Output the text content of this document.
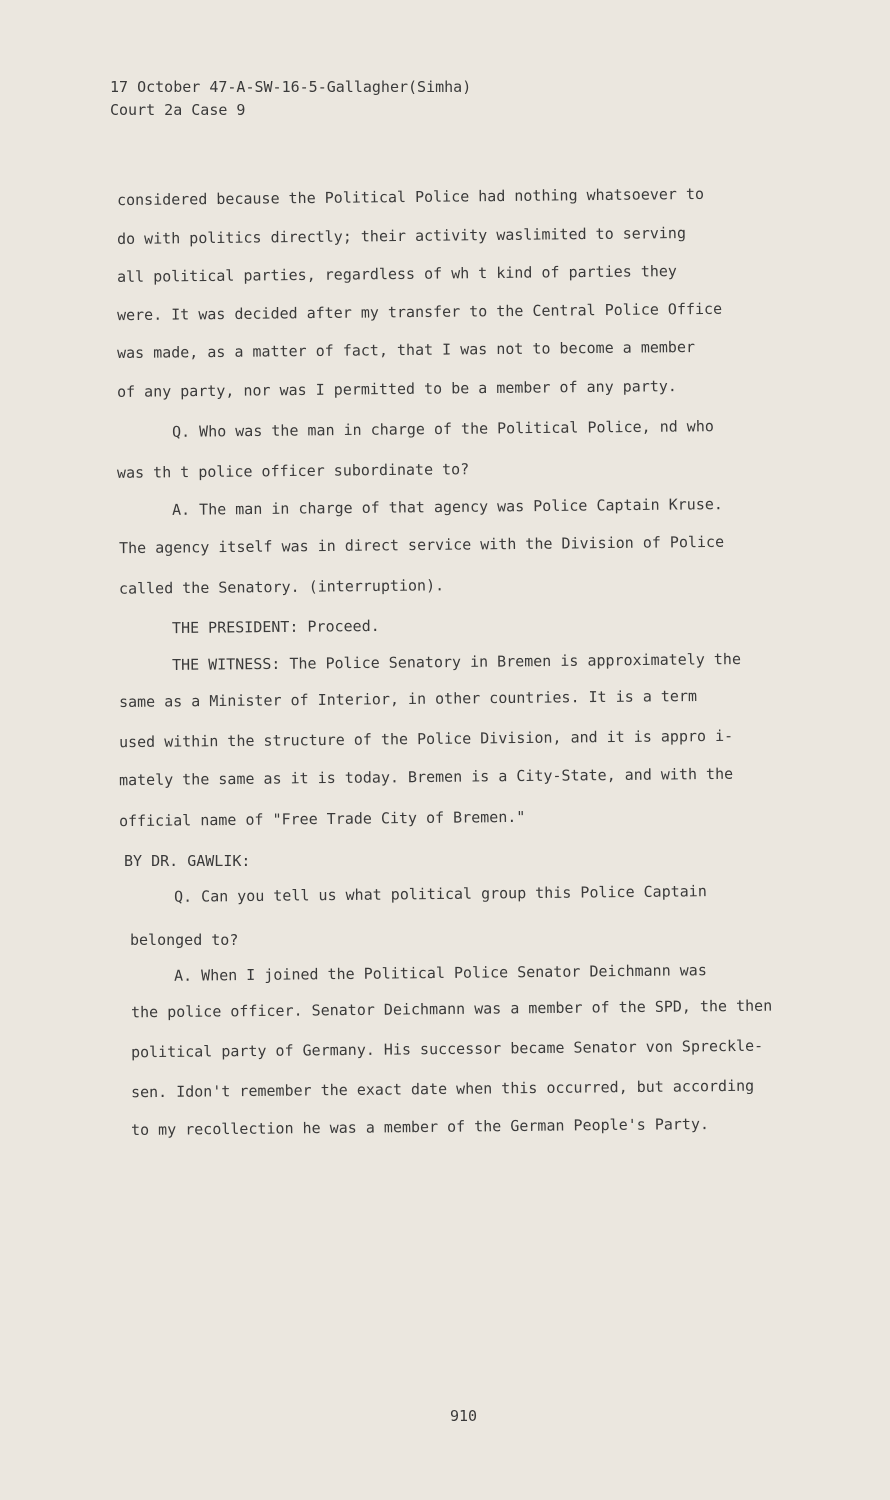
17 October 47-A-SW-16-5-Gallagher(Simha)
Court 2a Case 9
considered because the Political Police had nothing whatsoever to
do with politics directly; their activity waslimited to serving
all political parties, regardless of wh t kind of parties they
were. It was decided after my transfer to the Central Police Office
was made, as a matter of fact, that I was not to become a member
of any party, nor was I permitted to be a member of any party.
Q. Who was the man in charge of the Political Police, nd who
was th t police officer subordinate to?
A. The man in charge of that agency was Police Captain Kruse.
The agency itself was in direct service with the Division of Police
called the Senatory. (interruption).
THE PRESIDENT: Proceed.
THE WITNESS: The Police Senatory in Bremen is approximately the
same as a Minister of Interior, in other countries. It is a term
used within the structure of the Police Division, and it is appro i-
mately the same as it is today. Bremen is a City-State, and with the
official name of "Free Trade City of Bremen."
BY DR. GAWLIK:
Q. Can you tell us what political group this Police Captain
belonged to?
A. When I joined the Political Police Senator Deichmann was
the police officer. Senator Deichmann was a member of the SPD, the then
political party of Germany. His successor became Senator von Spreckle-
sen. Idon't remember the exact date when this occurred, but according
to my recollection he was a member of the German People's Party.
910
